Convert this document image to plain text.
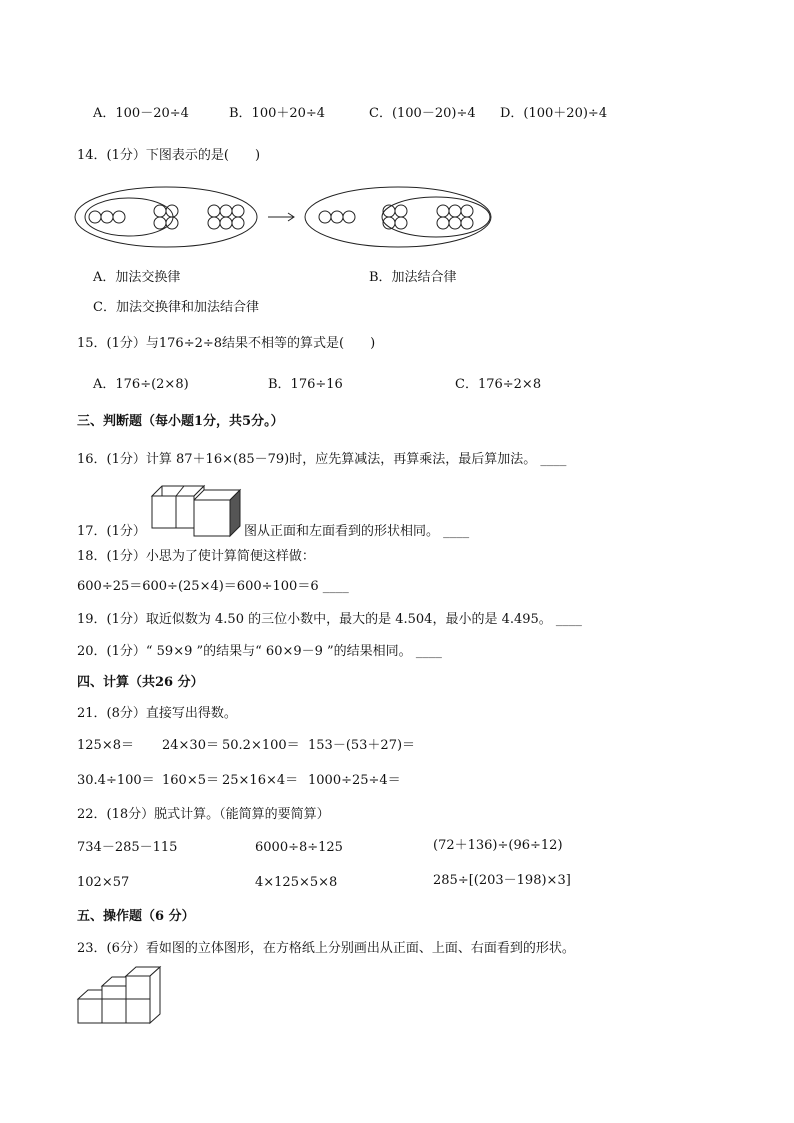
A．100－20÷4	B．100＋20÷4	C．(100－20)÷4 D．(100＋20)÷4
14．(1分）下图表示的是(　　)
A．加法交换律	B．加法结合律
C．加法交换律和加法结合律
15．(1分）与176÷2÷8结果不相等的算式是(　　)
A．176÷(2×8)	B．176÷16	C．176÷2×8
三、判断题（每小题1分，共5分。）
16．(1分）计算 87＋16×(85－79)时，应先算减法，再算乘法，最后算加法。 ____
17．(1分）	图从正面和左面看到的形状相同。 ____
18．(1分）小思为了使计算简便这样做：
600÷25＝600÷(25×4)＝600÷100＝6 ____
19．(1分）取近似数为 4.50 的三位小数中，最大的是 4.504，最小的是 4.495。 ____
20．(1分）“ 59×9 ”的结果与“ 60×9－9 ”的结果相同。 ____
四、计算（共26 分）
21．(8分）直接写出得数。
125×8＝ 24×30＝ 50.2×100＝ 153－(53＋27)＝
30.4÷100＝ 160×5＝ 25×16×4＝ 1000÷25÷4＝
22．(18分）脱式计算。（能简算的要简算）
734－285－115	6000÷8÷125	(72＋136)÷(96÷12)
102×57	4×125×5×8	285÷[(203－198)×3]
五、操作题（6 分）
23．(6分）看如图的立体图形，在方格纸上分别画出从正面、上面、右面看到的形状。
